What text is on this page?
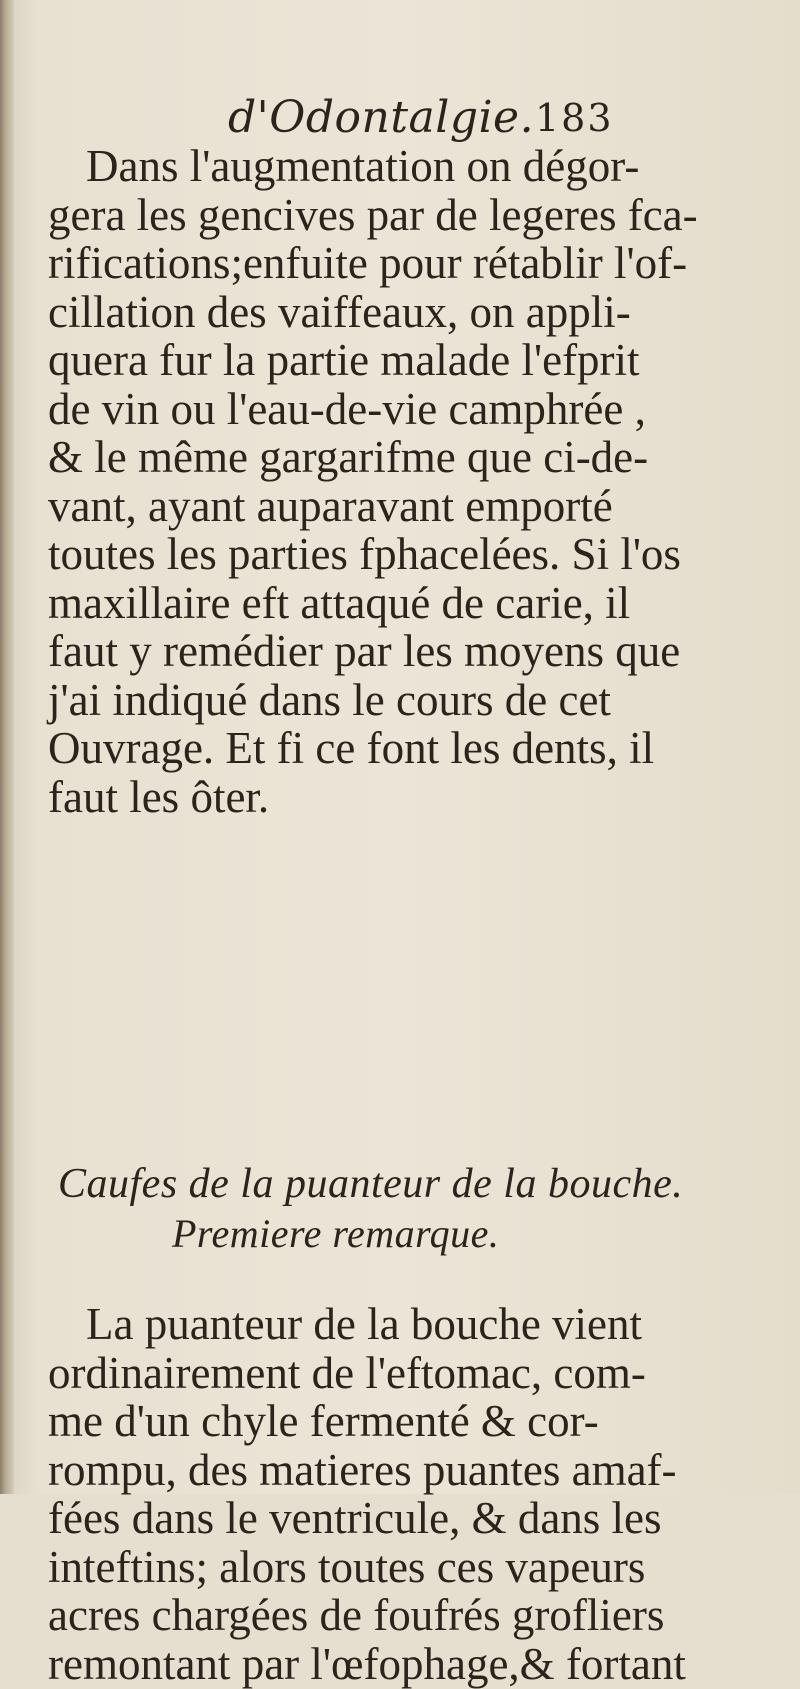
d'Odontalgie. 183
Dans l'augmentation on dégor-
gera les gencives par de legeres fca-
rifications;enfuite pour rétablir l'of-
cillation des vaiffeaux, on appli-
quera fur la partie malade l'efprit
de vin ou l'eau-de-vie camphrée ,
& le même gargarifme que ci-de-
vant, ayant auparavant emporté
toutes les parties fphacelées. Si l'os
maxillaire eft attaqué de carie, il
faut y remédier par les moyens que
j'ai indiqué dans le cours de cet
Ouvrage. Et fi ce font les dents, il
faut les ôter.
Caufes de la puanteur de la bouche.
Premiere remarque.
La puanteur de la bouche vient
ordinairement de l'eftomac, com-
me d'un chyle fermenté & cor-
rompu, des matieres puantes amaf-
fées dans le ventricule, & dans les
inteftins; alors toutes ces vapeurs
acres chargées de foufrés grofliers
remontant par l'œfophage,& fortant
